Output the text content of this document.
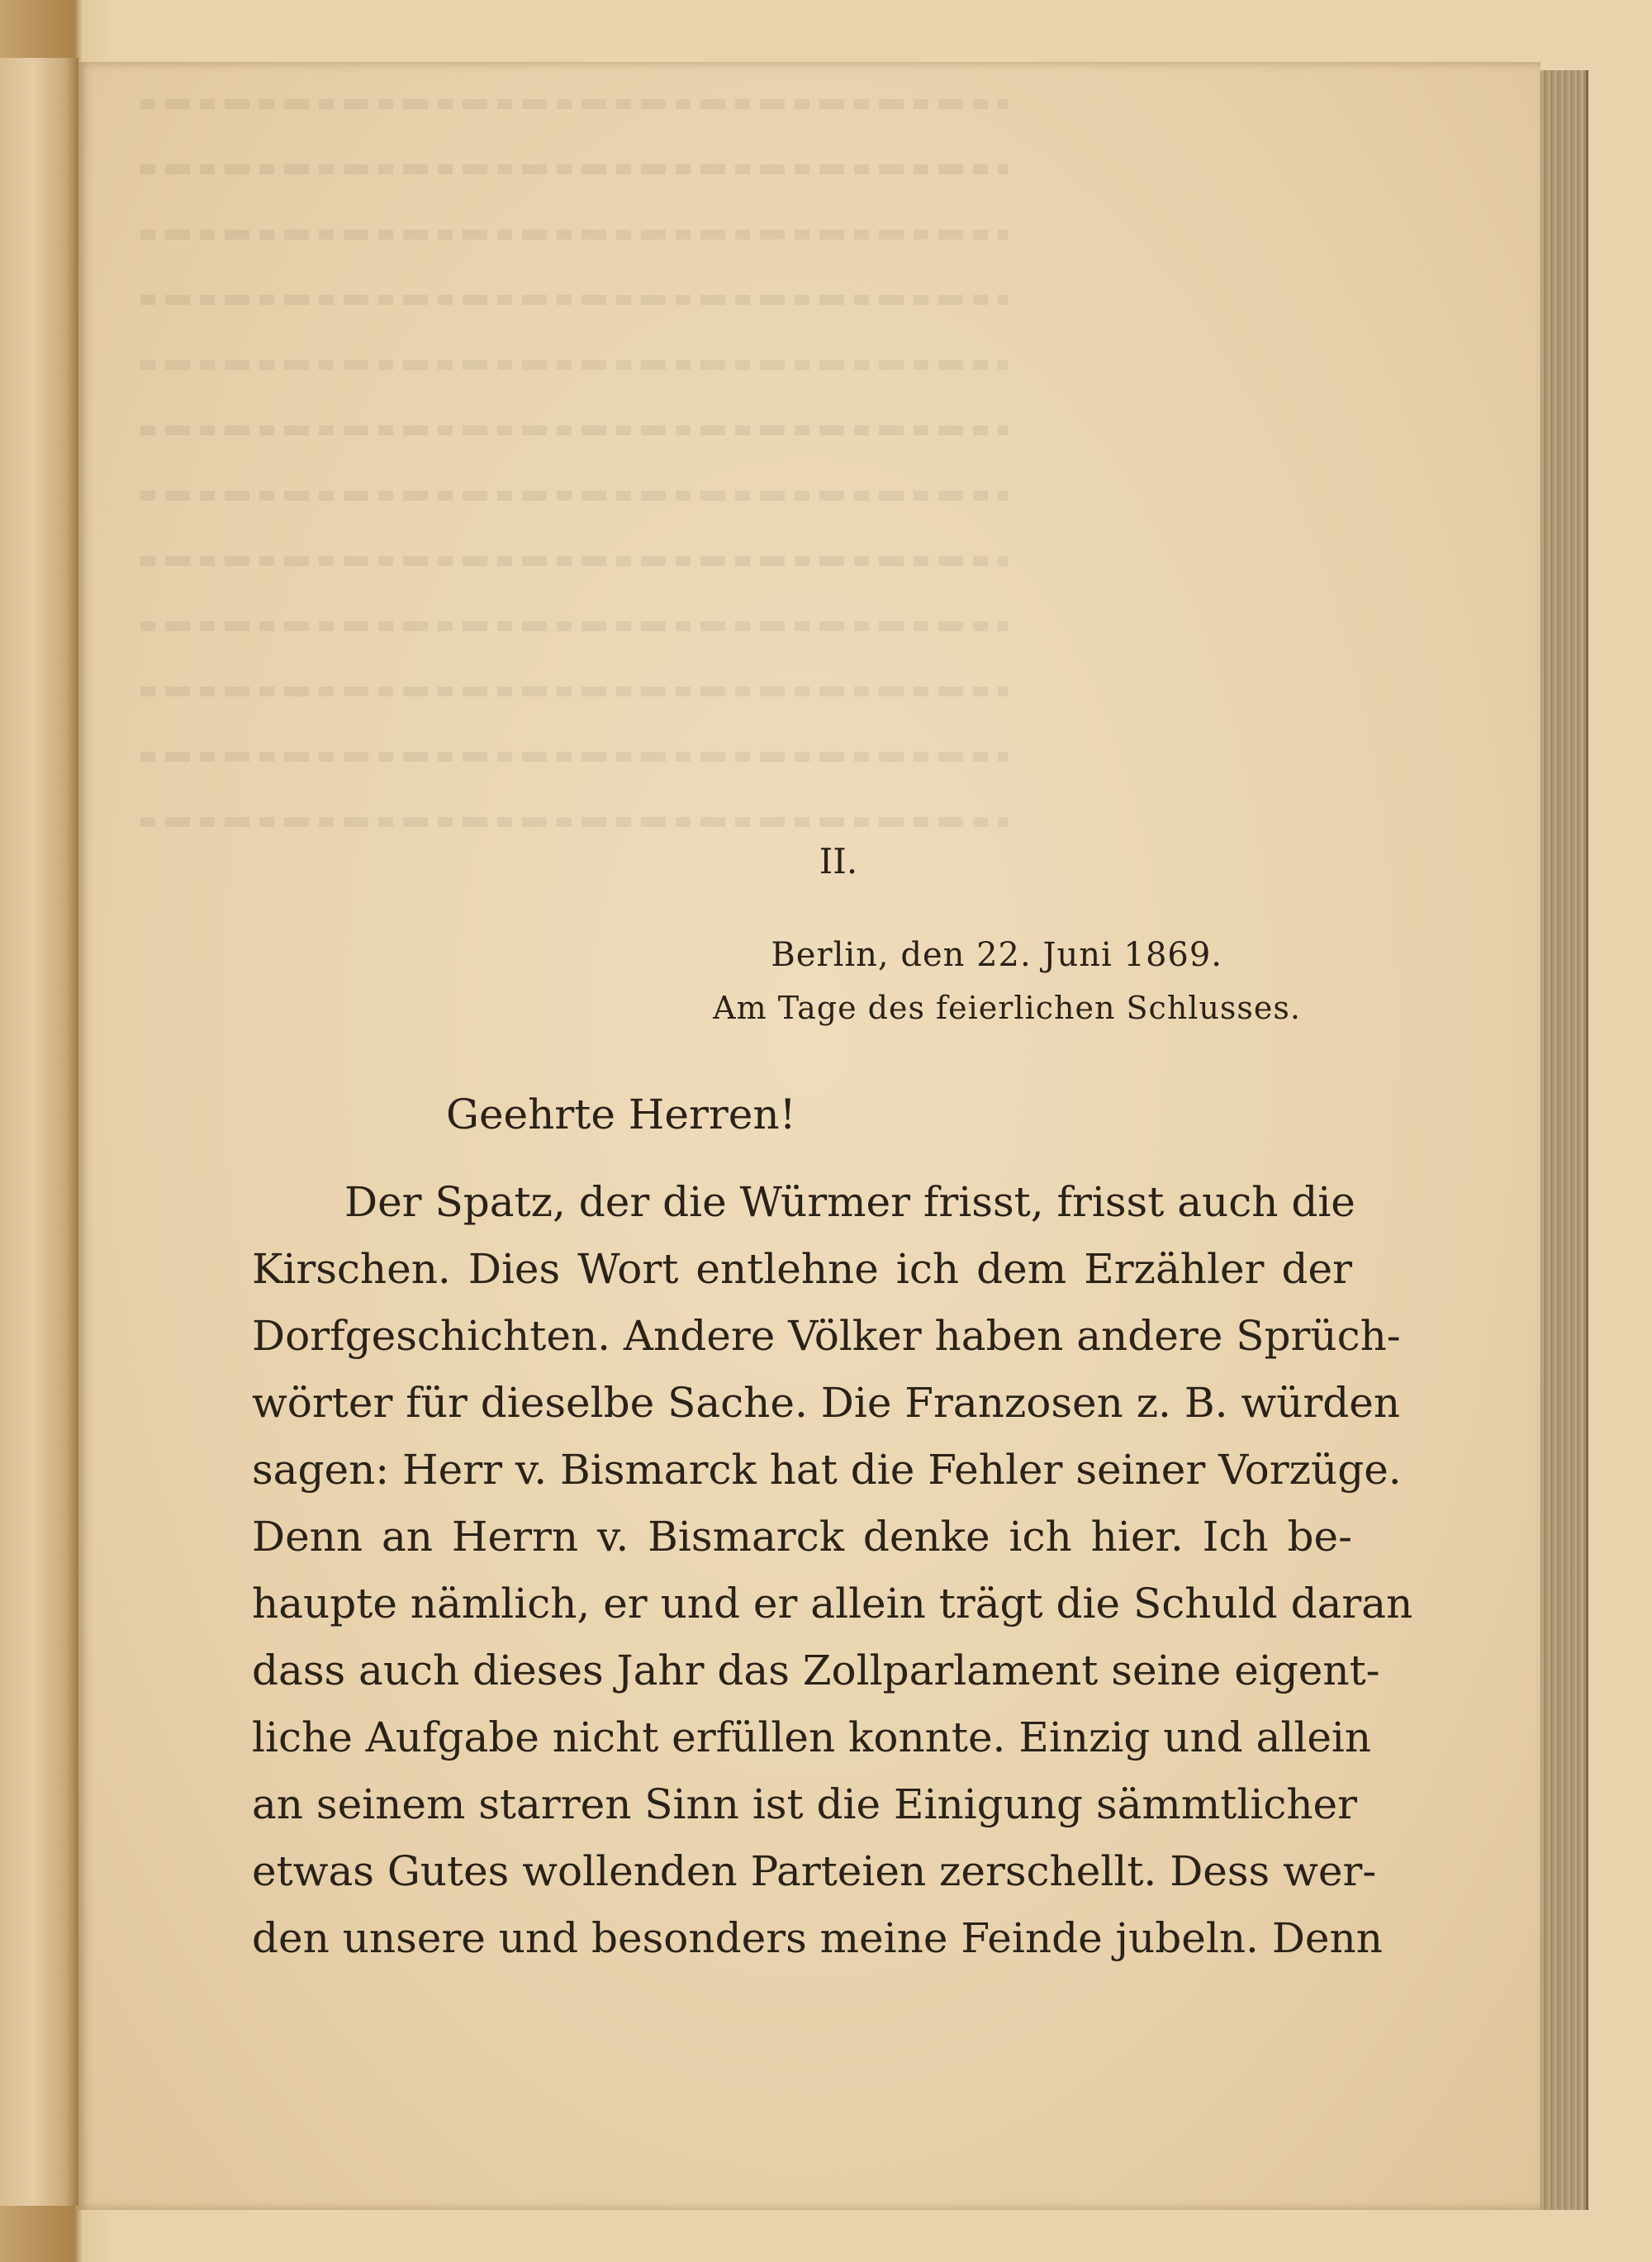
II.
Berlin, den 22. Juni 1869.
Am Tage des feierlichen Schlusses.
Geehrte Herren!
Der Spatz, der die Würmer frisst, frisst auch die
Kirschen. Dies Wort entlehne ich dem Erzähler der
Dorfgeschichten. Andere Völker haben andere Sprüch-
wörter für dieselbe Sache. Die Franzosen z. B. würden
sagen: Herr v. Bismarck hat die Fehler seiner Vorzüge.
Denn an Herrn v. Bismarck denke ich hier. Ich be-
haupte nämlich, er und er allein trägt die Schuld daran
dass auch dieses Jahr das Zollparlament seine eigent-
liche Aufgabe nicht erfüllen konnte. Einzig und allein
an seinem starren Sinn ist die Einigung sämmtlicher
etwas Gutes wollenden Parteien zerschellt. Dess wer-
den unsere und besonders meine Feinde jubeln. Denn
